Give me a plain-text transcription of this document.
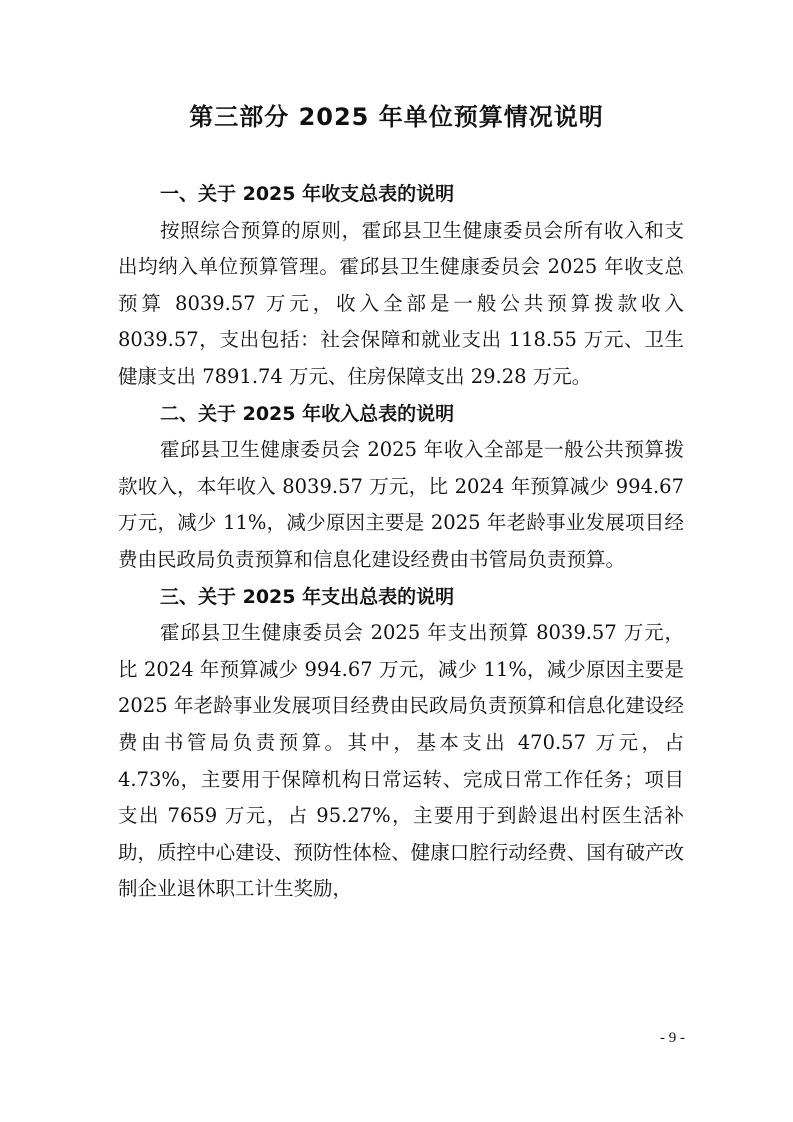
第三部分 2025 年单位预算情况说明
一、关于 2025 年收支总表的说明

按照综合预算的原则，霍邱县卫生健康委员会所有收入和支出均纳入单位预算管理。霍邱县卫生健康委员会 2025 年收支总预算 8039.57 万元，收入全部是一般公共预算拨款收入 8039.57，支出包括：社会保障和就业支出 118.55 万元、卫生健康支出 7891.74 万元、住房保障支出 29.28 万元。

二、关于 2025 年收入总表的说明

霍邱县卫生健康委员会 2025 年收入全部是一般公共预算拨款收入，本年收入 8039.57 万元，比 2024 年预算减少 994.67 万元，减少 11%，减少原因主要是 2025 年老龄事业发展项目经费由民政局负责预算和信息化建设经费由书管局负责预算。

三、关于 2025 年支出总表的说明

霍邱县卫生健康委员会 2025 年支出预算 8039.57 万元，比 2024 年预算减少 994.67 万元，减少 11%，减少原因主要是 2025 年老龄事业发展项目经费由民政局负责预算和信息化建设经费由书管局负责预算。其中，基本支出 470.57 万元，占 4.73%，主要用于保障机构日常运转、完成日常工作任务；项目支出 7659 万元，占 95.27%，主要用于到龄退出村医生活补助，质控中心建设、预防性体检、健康口腔行动经费、国有破产改制企业退休职工计生奖励，

- 9 -
